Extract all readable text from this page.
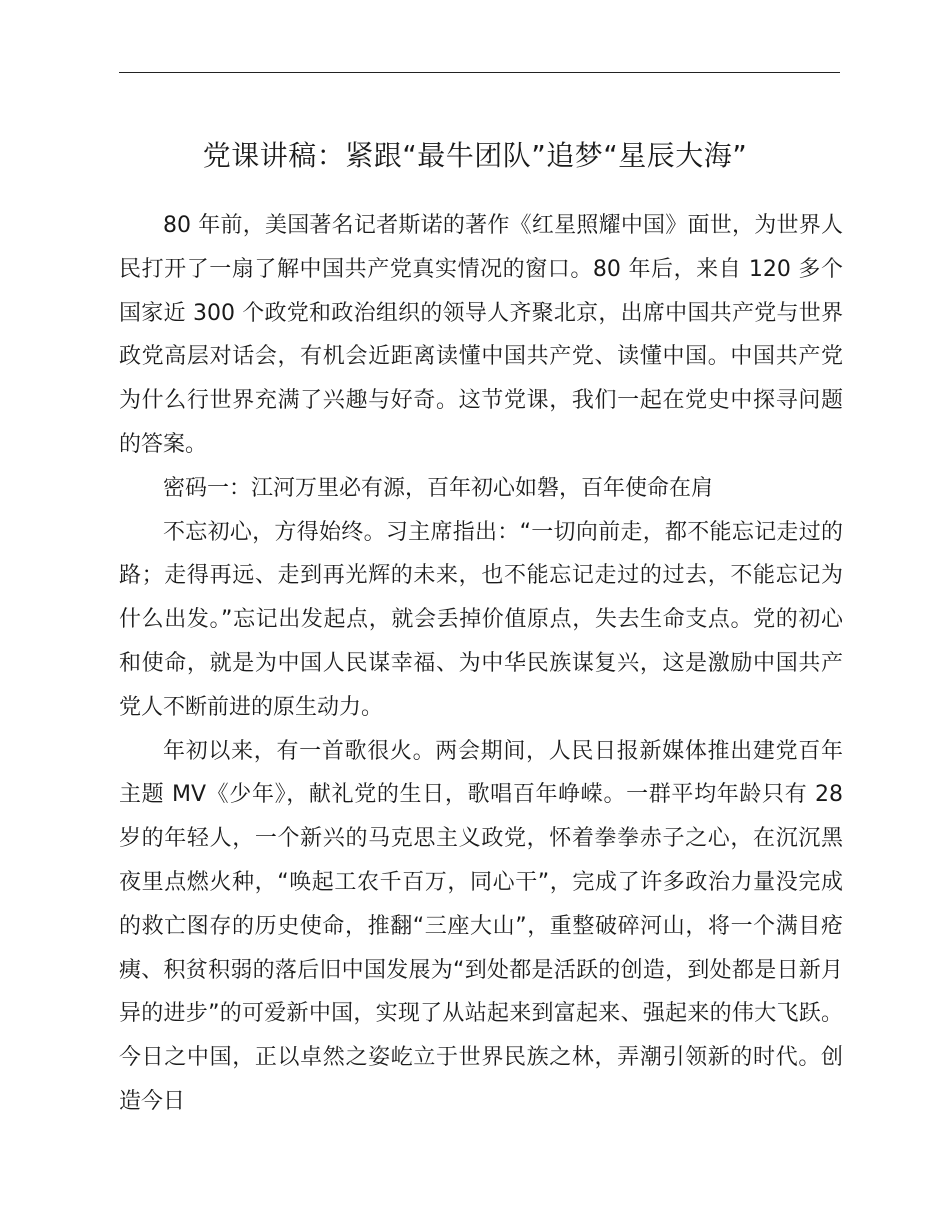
党课讲稿：紧跟“最牛团队”追梦“星辰大海”

80 年前，美国著名记者斯诺的著作《红星照耀中国》面世，为世界人民打开了一扇了解中国共产党真实情况的窗口。80 年后，来自 120 多个国家近 300 个政党和政治组织的领导人齐聚北京，出席中国共产党与世界政党高层对话会，有机会近距离读懂中国共产党、读懂中国。中国共产党为什么行世界充满了兴趣与好奇。这节党课，我们一起在党史中探寻问题的答案。

密码一：江河万里必有源，百年初心如磐，百年使命在肩

不忘初心，方得始终。习主席指出：“一切向前走，都不能忘记走过的路；走得再远、走到再光辉的未来，也不能忘记走过的过去，不能忘记为什么出发。”忘记出发起点，就会丢掉价值原点，失去生命支点。党的初心和使命，就是为中国人民谋幸福、为中华民族谋复兴，这是激励中国共产党人不断前进的原生动力。

年初以来，有一首歌很火。两会期间，人民日报新媒体推出建党百年主题 MV《少年》，献礼党的生日，歌唱百年峥嵘。一群平均年龄只有 28 岁的年轻人，一个新兴的马克思主义政党，怀着拳拳赤子之心，在沉沉黑夜里点燃火种，“唤起工农千百万，同心干”，完成了许多政治力量没完成的救亡图存的历史使命，推翻“三座大山”，重整破碎河山，将一个满目疮痍、积贫积弱的落后旧中国发展为“到处都是活跃的创造，到处都是日新月异的进步”的可爱新中国，实现了从站起来到富起来、强起来的伟大飞跃。今日之中国，正以卓然之姿屹立于世界民族之林，弄潮引领新的时代。创造今日
